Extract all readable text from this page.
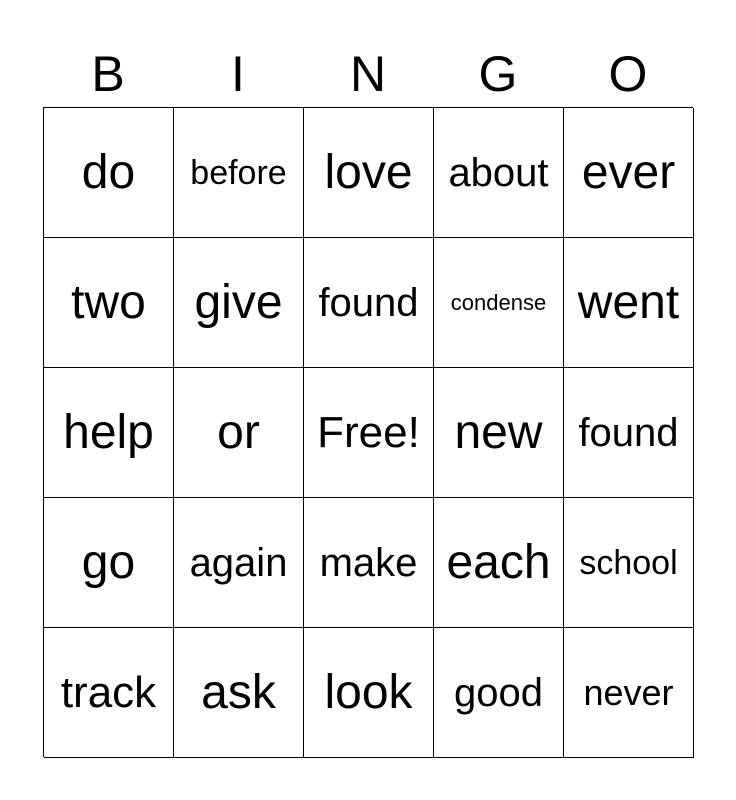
B	I	N	G	O
do before love about ever
two give found condense went
help or Free! new found
go again make each school
track ask look good never
